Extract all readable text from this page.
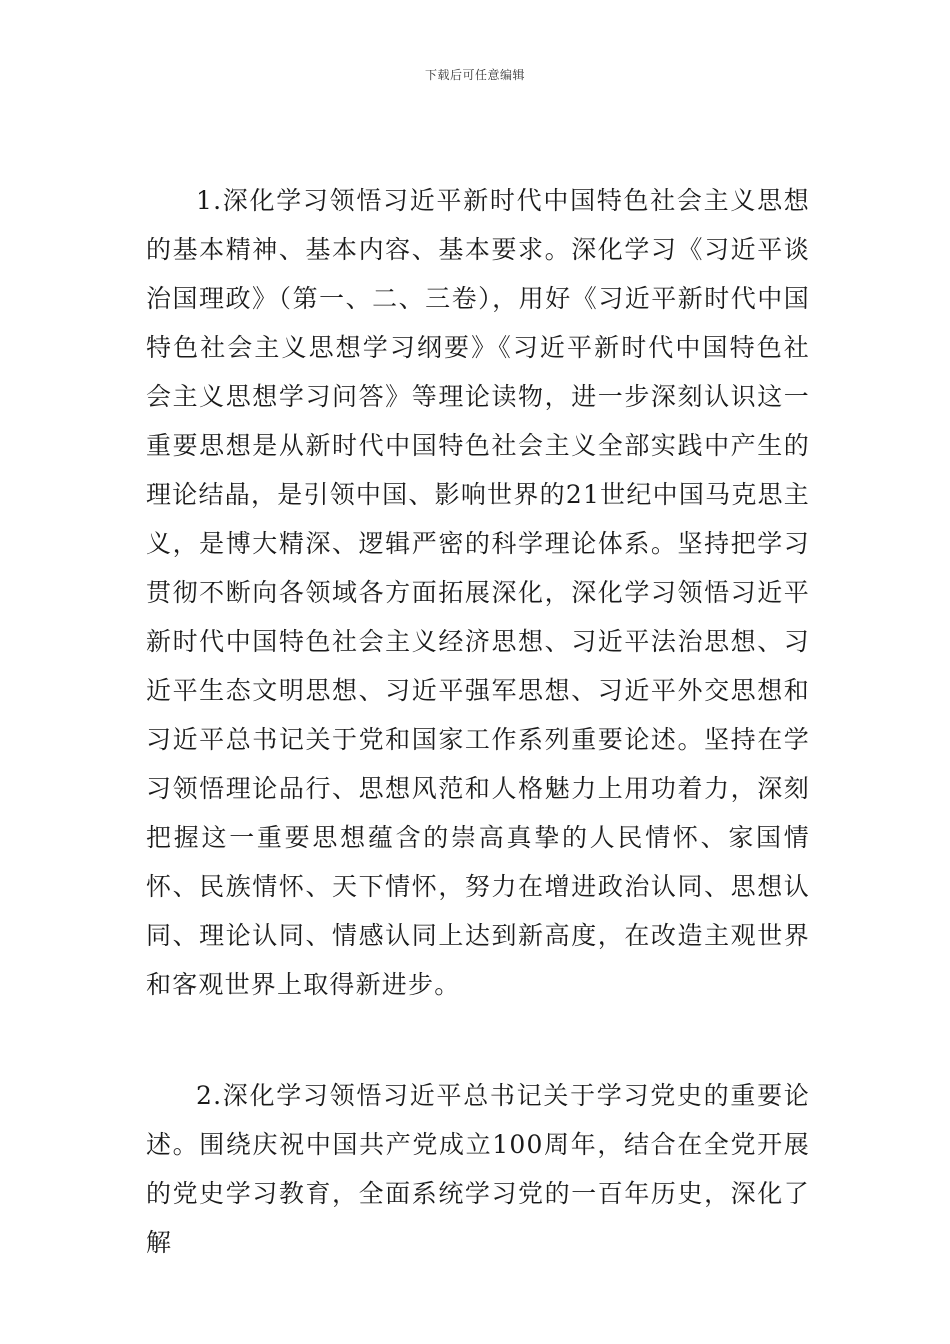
下载后可任意编辑

1.深化学习领悟习近平新时代中国特色社会主义思想的基本精神、基本内容、基本要求。深化学习《习近平谈治国理政》（第一、二、三卷），用好《习近平新时代中国特色社会主义思想学习纲要》《习近平新时代中国特色社会主义思想学习问答》等理论读物，进一步深刻认识这一重要思想是从新时代中国特色社会主义全部实践中产生的理论结晶，是引领中国、影响世界的21世纪中国马克思主义，是博大精深、逻辑严密的科学理论体系。坚持把学习贯彻不断向各领域各方面拓展深化，深化学习领悟习近平新时代中国特色社会主义经济思想、习近平法治思想、习近平生态文明思想、习近平强军思想、习近平外交思想和习近平总书记关于党和国家工作系列重要论述。坚持在学习领悟理论品行、思想风范和人格魅力上用功着力，深刻把握这一重要思想蕴含的崇高真挚的人民情怀、家国情怀、民族情怀、天下情怀，努力在增进政治认同、思想认同、理论认同、情感认同上达到新高度，在改造主观世界和客观世界上取得新进步。

2.深化学习领悟习近平总书记关于学习党史的重要论述。围绕庆祝中国共产党成立100周年，结合在全党开展的党史学习教育，全面系统学习党的一百年历史，深化了解
